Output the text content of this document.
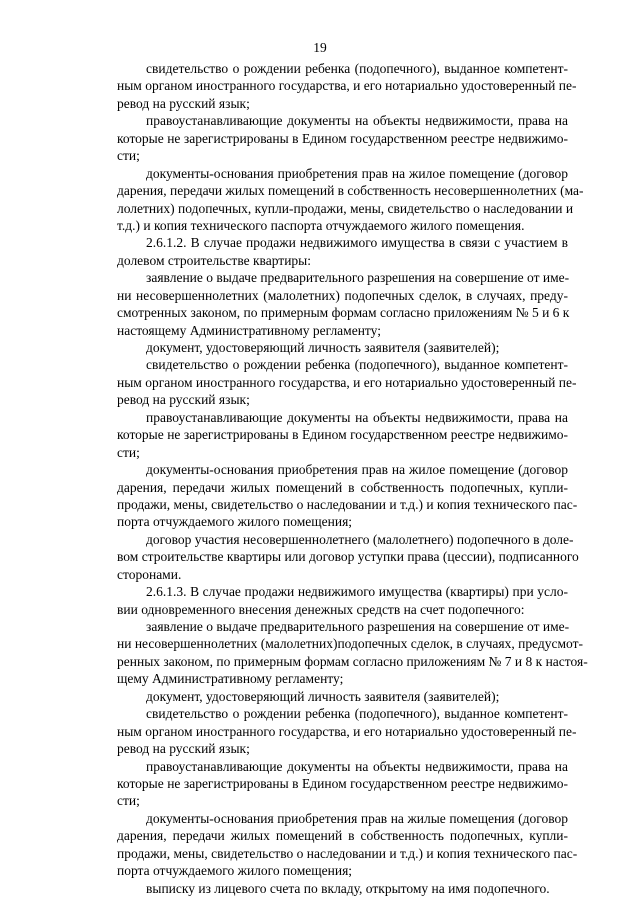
19
свидетельство о рождении ребенка (подопечного), выданное компетент-
ным органом иностранного государства, и его нотариально удостоверенный пе-
ревод на русский язык;
правоустанавливающие документы на объекты недвижимости, права на
которые не зарегистрированы в Едином государственном реестре недвижимо-
сти;
документы-основания приобретения прав на жилое помещение (договор
дарения, передачи жилых помещений в собственность несовершеннолетних (ма-
лолетних) подопечных, купли-продажи, мены, свидетельство о наследовании и
т.д.) и копия технического паспорта отчуждаемого жилого помещения.
2.6.1.2. В случае продажи недвижимого имущества в связи с участием в
долевом строительстве квартиры:
заявление о выдаче предварительного разрешения на совершение от име-
ни несовершеннолетних (малолетних) подопечных сделок, в случаях, преду-
смотренных законом, по примерным формам согласно приложениям № 5 и 6 к
настоящему Административному регламенту;
документ, удостоверяющий личность заявителя (заявителей);
свидетельство о рождении ребенка (подопечного), выданное компетент-
ным органом иностранного государства, и его нотариально удостоверенный пе-
ревод на русский язык;
правоустанавливающие документы на объекты недвижимости, права на
которые не зарегистрированы в Едином государственном реестре недвижимо-
сти;
документы-основания приобретения прав на жилое помещение (договор
дарения, передачи жилых помещений в собственность подопечных, купли-
продажи, мены, свидетельство о наследовании и т.д.) и копия технического пас-
порта отчуждаемого жилого помещения;
договор участия несовершеннолетнего (малолетнего) подопечного в доле-
вом строительстве квартиры или договор уступки права (цессии), подписанного
сторонами.
2.6.1.3. В случае продажи недвижимого имущества (квартиры) при усло-
вии одновременного внесения денежных средств на счет подопечного:
заявление о выдаче предварительного разрешения на совершение от име-
ни несовершеннолетних (малолетних)подопечных сделок, в случаях, предусмот-
ренных законом, по примерным формам согласно приложениям № 7 и 8 к настоя-
щему Административному регламенту;
документ, удостоверяющий личность заявителя (заявителей);
свидетельство о рождении ребенка (подопечного), выданное компетент-
ным органом иностранного государства, и его нотариально удостоверенный пе-
ревод на русский язык;
правоустанавливающие документы на объекты недвижимости, права на
которые не зарегистрированы в Едином государственном реестре недвижимо-
сти;
документы-основания приобретения прав на жилые помещения (договор
дарения, передачи жилых помещений в собственность подопечных, купли-
продажи, мены, свидетельство о наследовании и т.д.) и копия технического пас-
порта отчуждаемого жилого помещения;
выписку из лицевого счета по вкладу, открытому на имя подопечного.
